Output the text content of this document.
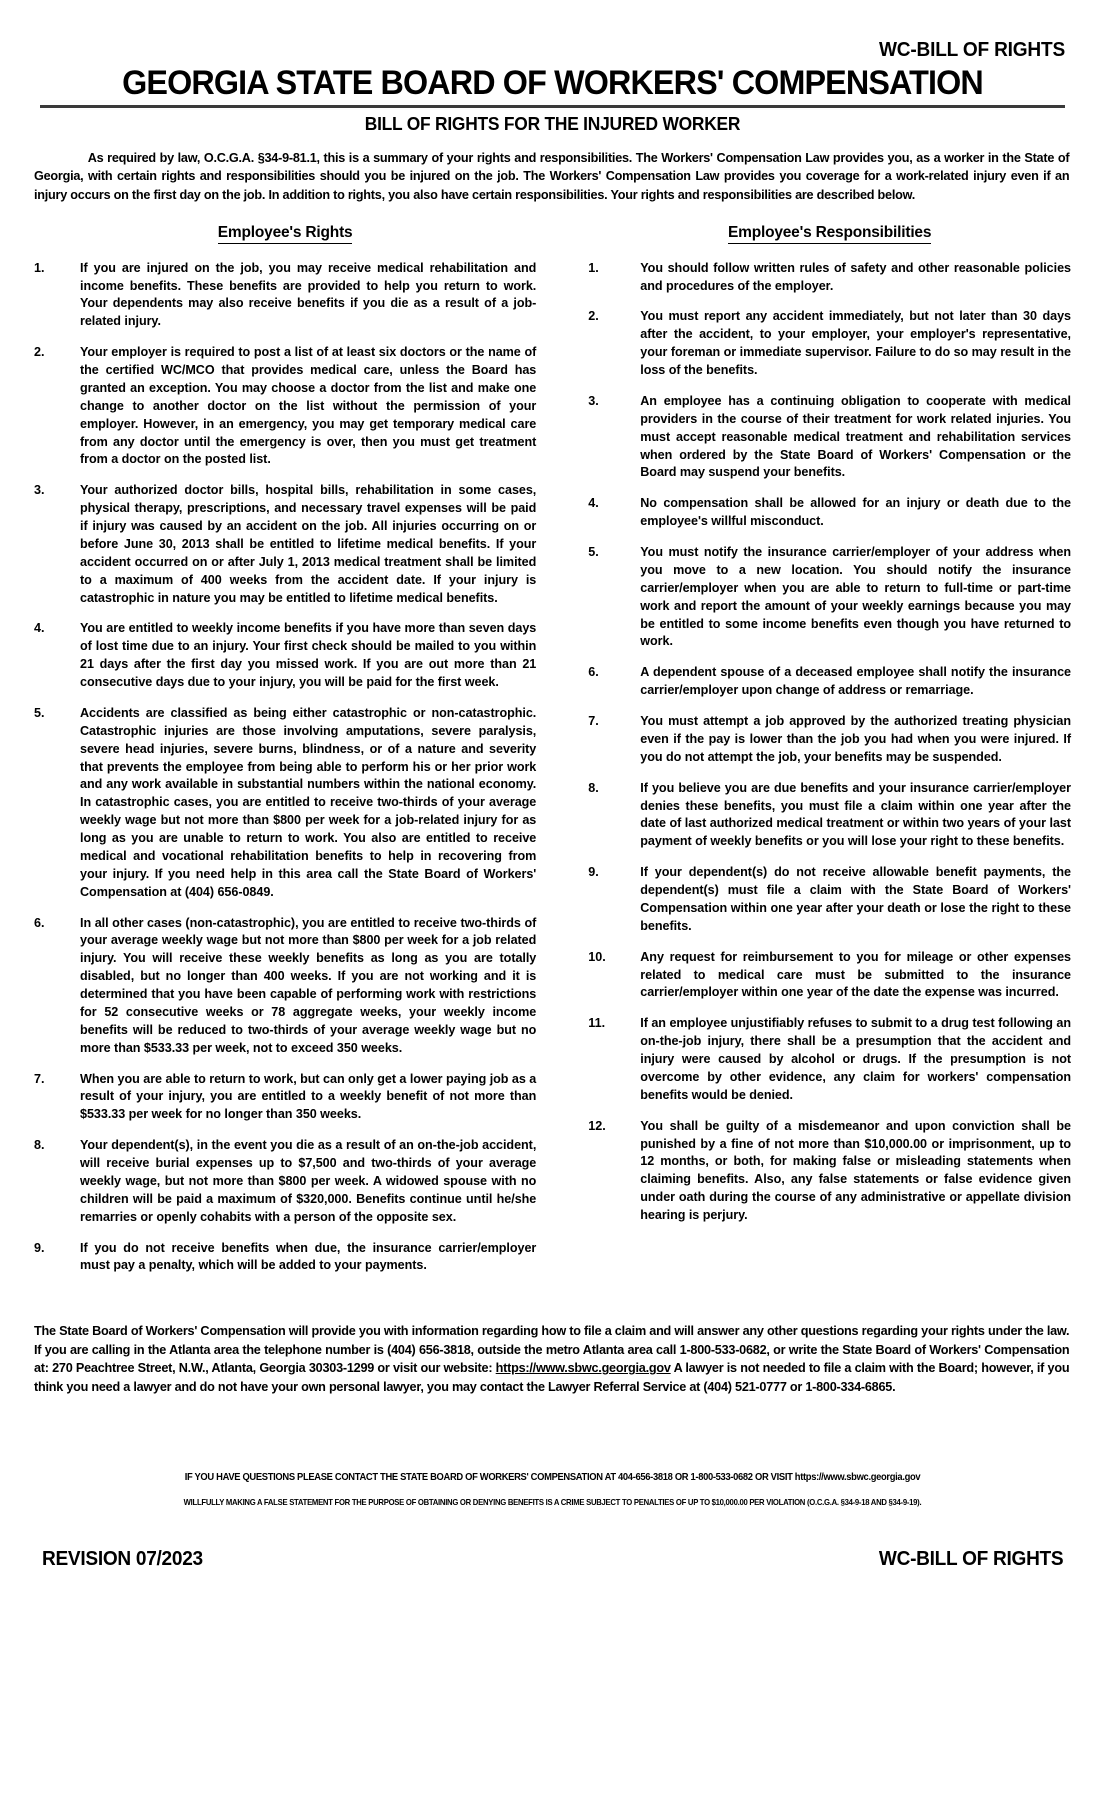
WC-BILL OF RIGHTS
GEORGIA STATE BOARD OF WORKERS' COMPENSATION
BILL OF RIGHTS FOR THE INJURED WORKER

As required by law, O.C.G.A. §34-9-81.1, this is a summary of your rights and responsibilities. The Workers' Compensation Law provides you, as a worker in the State of Georgia, with certain rights and responsibilities should you be injured on the job. The Workers' Compensation Law provides you coverage for a work-related injury even if an injury occurs on the first day on the job. In addition to rights, you also have certain responsibilities. Your rights and responsibilities are described below.

Employee's Rights
1.	If you are injured on the job, you may receive medical rehabilitation and income benefits. These benefits are provided to help you return to work. Your dependents may also receive benefits if you die as a result of a job-related injury.
2.	Your employer is required to post a list of at least six doctors or the name of the certified WC/MCO that provides medical care, unless the Board has granted an exception. You may choose a doctor from the list and make one change to another doctor on the list without the permission of your employer. However, in an emergency, you may get temporary medical care from any doctor until the emergency is over, then you must get treatment from a doctor on the posted list.
3.	Your authorized doctor bills, hospital bills, rehabilitation in some cases, physical therapy, prescriptions, and necessary travel expenses will be paid if injury was caused by an accident on the job. All injuries occurring on or before June 30, 2013 shall be entitled to lifetime medical benefits. If your accident occurred on or after July 1, 2013 medical treatment shall be limited to a maximum of 400 weeks from the accident date. If your injury is catastrophic in nature you may be entitled to lifetime medical benefits.
4.	You are entitled to weekly income benefits if you have more than seven days of lost time due to an injury. Your first check should be mailed to you within 21 days after the first day you missed work. If you are out more than 21 consecutive days due to your injury, you will be paid for the first week.
5.	Accidents are classified as being either catastrophic or non-catastrophic. Catastrophic injuries are those involving amputations, severe paralysis, severe head injuries, severe burns, blindness, or of a nature and severity that prevents the employee from being able to perform his or her prior work and any work available in substantial numbers within the national economy. In catastrophic cases, you are entitled to receive two-thirds of your average weekly wage but not more than $800 per week for a job-related injury for as long as you are unable to return to work. You also are entitled to receive medical and vocational rehabilitation benefits to help in recovering from your injury. If you need help in this area call the State Board of Workers' Compensation at (404) 656-0849.
6.	In all other cases (non-catastrophic), you are entitled to receive two-thirds of your average weekly wage but not more than $800 per week for a job related injury. You will receive these weekly benefits as long as you are totally disabled, but no longer than 400 weeks. If you are not working and it is determined that you have been capable of performing work with restrictions for 52 consecutive weeks or 78 aggregate weeks, your weekly income benefits will be reduced to two-thirds of your average weekly wage but no more than $533.33 per week, not to exceed 350 weeks.
7.	When you are able to return to work, but can only get a lower paying job as a result of your injury, you are entitled to a weekly benefit of not more than $533.33 per week for no longer than 350 weeks.
8.	Your dependent(s), in the event you die as a result of an on-the-job accident, will receive burial expenses up to $7,500 and two-thirds of your average weekly wage, but not more than $800 per week. A widowed spouse with no children will be paid a maximum of $320,000. Benefits continue until he/she remarries or openly cohabits with a person of the opposite sex.
9.	If you do not receive benefits when due, the insurance carrier/employer must pay a penalty, which will be added to your payments.
Employee's Responsibilities
1.	You should follow written rules of safety and other reasonable policies and procedures of the employer.
2.	You must report any accident immediately, but not later than 30 days after the accident, to your employer, your employer's representative, your foreman or immediate supervisor. Failure to do so may result in the loss of the benefits.
3.	An employee has a continuing obligation to cooperate with medical providers in the course of their treatment for work related injuries. You must accept reasonable medical treatment and rehabilitation services when ordered by the State Board of Workers' Compensation or the Board may suspend your benefits.
4.	No compensation shall be allowed for an injury or death due to the employee's willful misconduct.
5.	You must notify the insurance carrier/employer of your address when you move to a new location. You should notify the insurance carrier/employer when you are able to return to full-time or part-time work and report the amount of your weekly earnings because you may be entitled to some income benefits even though you have returned to work.
6.	A dependent spouse of a deceased employee shall notify the insurance carrier/employer upon change of address or remarriage.
7.	You must attempt a job approved by the authorized treating physician even if the pay is lower than the job you had when you were injured. If you do not attempt the job, your benefits may be suspended.
8.	If you believe you are due benefits and your insurance carrier/employer denies these benefits, you must file a claim within one year after the date of last authorized medical treatment or within two years of your last payment of weekly benefits or you will lose your right to these benefits.
9.	If your dependent(s) do not receive allowable benefit payments, the dependent(s) must file a claim with the State Board of Workers' Compensation within one year after your death or lose the right to these benefits.
10.	Any request for reimbursement to you for mileage or other expenses related to medical care must be submitted to the insurance carrier/employer within one year of the date the expense was incurred.
11.	If an employee unjustifiably refuses to submit to a drug test following an on-the-job injury, there shall be a presumption that the accident and injury were caused by alcohol or drugs. If the presumption is not overcome by other evidence, any claim for workers' compensation benefits would be denied.
12.	You shall be guilty of a misdemeanor and upon conviction shall be punished by a fine of not more than $10,000.00 or imprisonment, up to 12 months, or both, for making false or misleading statements when claiming benefits. Also, any false statements or false evidence given under oath during the course of any administrative or appellate division hearing is perjury.

The State Board of Workers' Compensation will provide you with information regarding how to file a claim and will answer any other questions regarding your rights under the law. If you are calling in the Atlanta area the telephone number is (404) 656-3818, outside the metro Atlanta area call 1-800-533-0682, or write the State Board of Workers' Compensation at: 270 Peachtree Street, N.W., Atlanta, Georgia 30303-1299 or visit our website: https://www.sbwc.georgia.gov A lawyer is not needed to file a claim with the Board; however, if you think you need a lawyer and do not have your own personal lawyer, you may contact the Lawyer Referral Service at (404) 521-0777 or 1-800-334-6865.

IF YOU HAVE QUESTIONS PLEASE CONTACT THE STATE BOARD OF WORKERS' COMPENSATION AT 404-656-3818 OR 1-800-533-0682 OR VISIT https://www.sbwc.georgia.gov
WILLFULLY MAKING A FALSE STATEMENT FOR THE PURPOSE OF OBTAINING OR DENYING BENEFITS IS A CRIME SUBJECT TO PENALTIES OF UP TO $10,000.00 PER VIOLATION (O.C.G.A. §34-9-18 AND §34-9-19).
REVISION 07/2023	WC-BILL OF RIGHTS
